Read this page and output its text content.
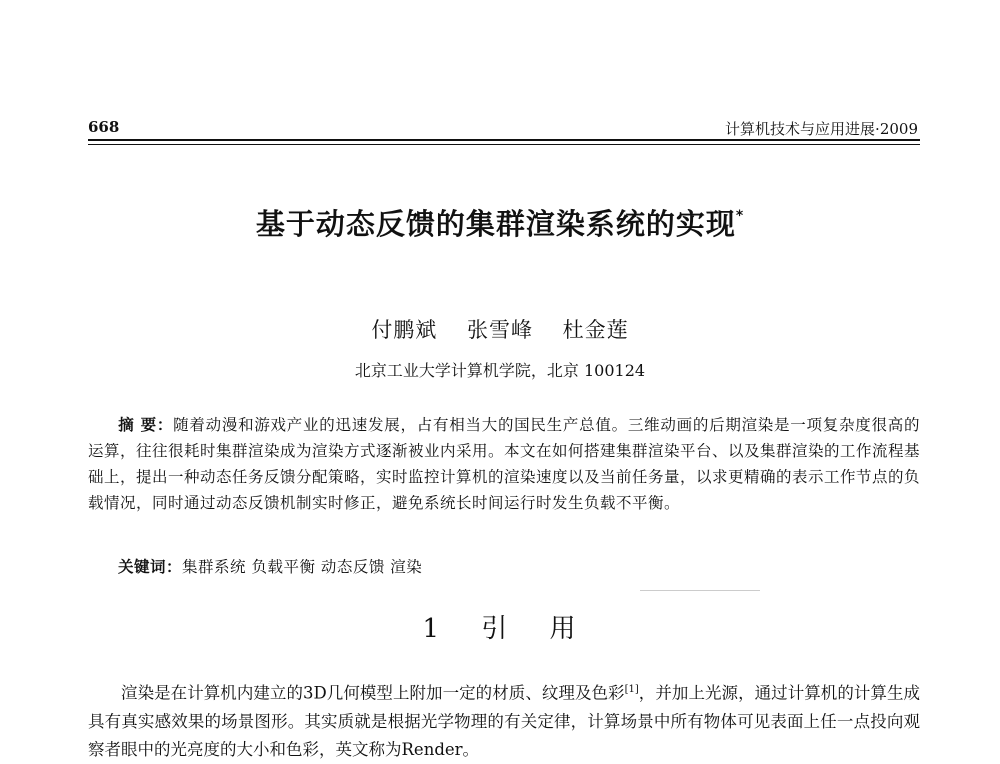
668	计算机技术与应用进展·2009
基于动态反馈的集群渲染系统的实现*
付鹏斌 张雪峰 杜金莲
北京工业大学计算机学院，北京 100124
摘 要：随着动漫和游戏产业的迅速发展，占有相当大的国民生产总值。三维动画的后期渲染是一项复杂度很高的运算，往往很耗时集群渲染成为渲染方式逐渐被业内采用。本文在如何搭建集群渲染平台、以及集群渲染的工作流程基础上，提出一种动态任务反馈分配策略，实时监控计算机的渲染速度以及当前任务量，以求更精确的表示工作节点的负载情况，同时通过动态反馈机制实时修正，避免系统长时间运行时发生负载不平衡。
关键词：集群系统 负载平衡 动态反馈 渲染
1 引 用
渲染是在计算机内建立的3D几何模型上附加一定的材质、纹理及色彩[1]，并加上光源，通过计算机的计算生成具有真实感效果的场景图形。其实质就是根据光学物理的有关定律，计算场景中所有物体可见表面上任一点投向观察者眼中的光亮度的大小和色彩，英文称为Render。
